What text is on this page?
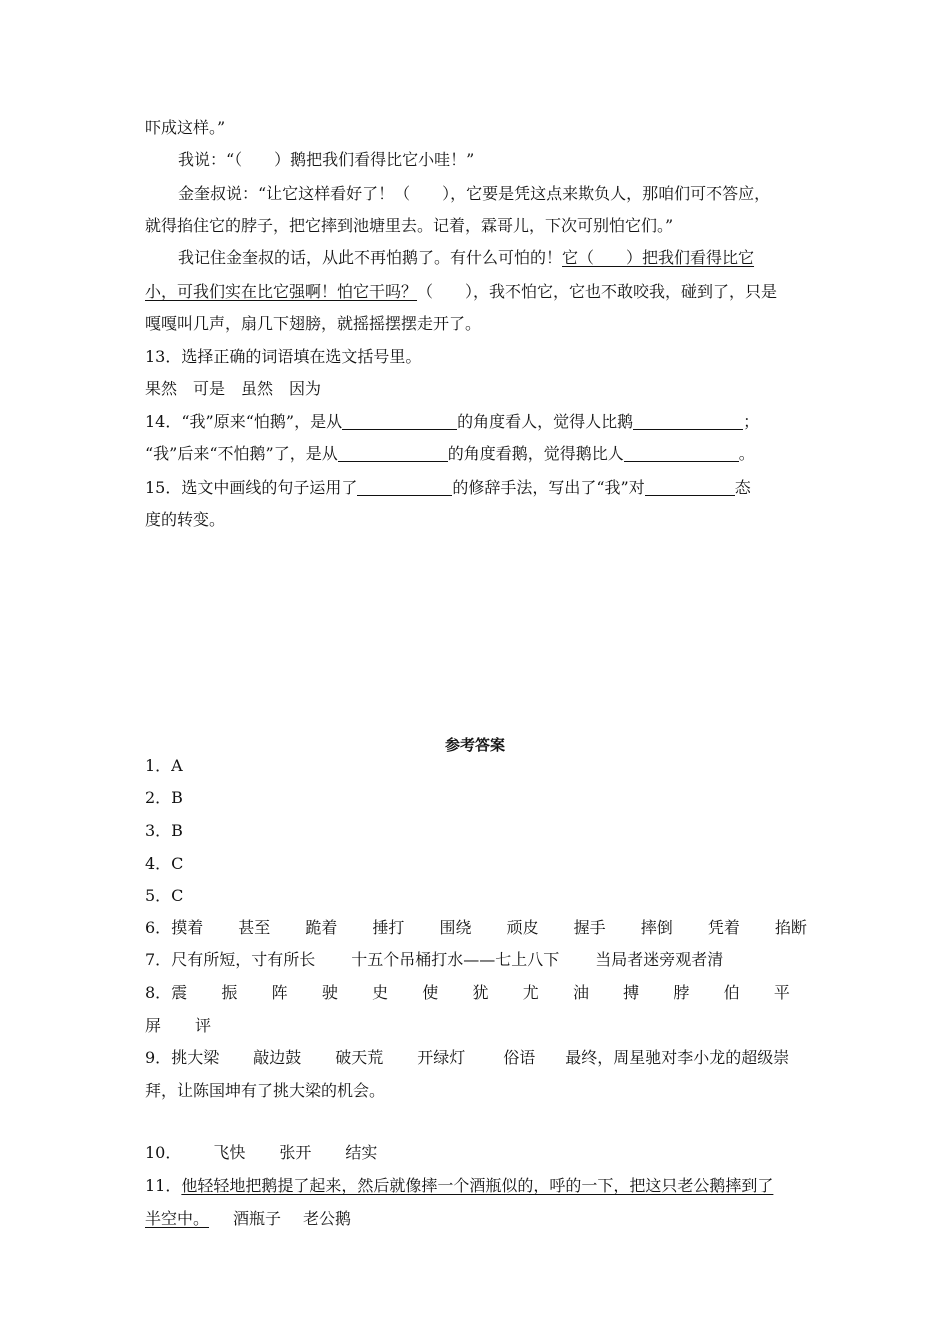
吓成这样。”
我说：“（　　）鹅把我们看得比它小哇！”
金奎叔说：“让它这样看好了！（　　），它要是凭这点来欺负人，那咱们可不答应，
就得掐住它的脖子，把它摔到池塘里去。记着，霖哥儿，下次可别怕它们。”
我记住金奎叔的话，从此不再怕鹅了。有什么可怕的！它（　　）把我们看得比它
小，可我们实在比它强啊！怕它干吗？（　　），我不怕它，它也不敢咬我，碰到了，只是
嘎嘎叫几声，扇几下翅膀，就摇摇摆摆走开了。
13．选择正确的词语填在选文括号里。
果然　可是　虽然　因为
14．“我”原来“怕鹅”，是从	的角度看人，觉得人比鹅	；
“我”后来“不怕鹅”了，是从	的角度看鹅，觉得鹅比人	。
15．选文中画线的句子运用了	的修辞手法，写出了“我”对	态
度的转变。
参考答案
1．A
2．B
3．B
4．C
5．C
6．摸着 甚至 跪着 捶打 围绕 顽皮 握手 摔倒 凭着 掐断
7．尺有所短，寸有所长 十五个吊桶打水——七上八下 当局者迷旁观者清
8．震 振 阵 驶 史 使 犹 尤 油 搏 脖 伯 平
屏 评
9．挑大梁 敲边鼓 破天荒 开绿灯 俗语 最终，周星驰对李小龙的超级崇
拜，让陈国坤有了挑大梁的机会。
10． 飞快 张开 结实
11．他轻轻地把鹅提了起来，然后就像摔一个酒瓶似的，呼的一下，把这只老公鹅摔到了
半空中。 酒瓶子 老公鹅
